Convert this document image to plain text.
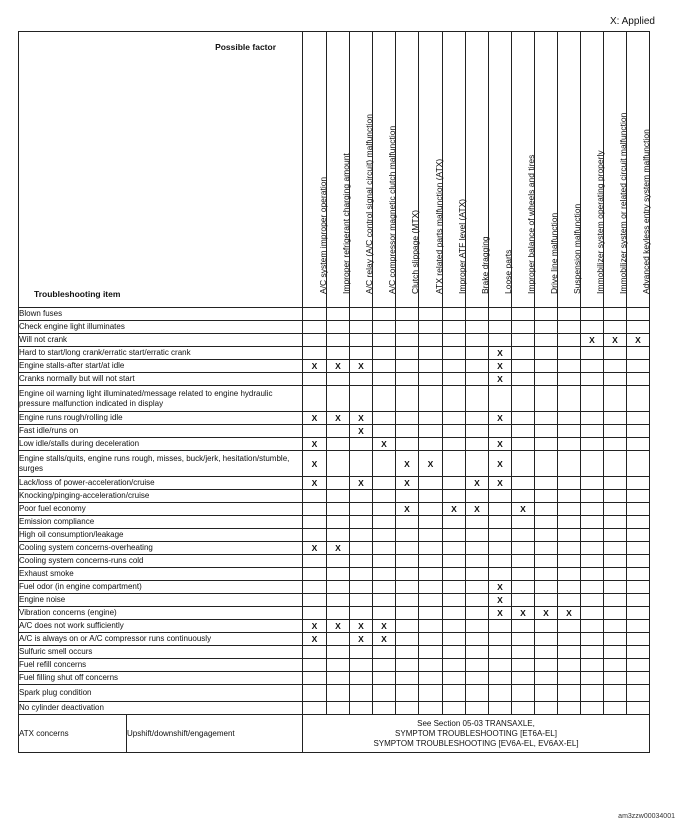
X: Applied
Possible factor
Troubleshooting item		A/C system improper operation	Improper refrigerant charging amount	A/C relay (A/C control signal circuit) malfunction	A/C compressor magnetic clutch malfunction	Clutch slippage (MTX)	ATX related parts malfunction (ATX)	Improper ATF level (ATX)	Brake dragging	Loose parts	Improper balance of wheels and tires	Drive line malfunction	Suspension malfunction	Immobilizer system operating properly	Immobilizer system or related circuit malfunction	Advanced keyless entry system malfunction

Blown fuses																
Check engine light illuminates																
Will not crank														X	X	X
Hard to start/long crank/erratic start/erratic crank										X						
Engine stalls-after start/at idle		X	X	X						X						
Cranks normally but will not start										X						
Engine oil warning light illuminated/message related to engine hydraulic pressure malfunction indicated in display																
Engine runs rough/rolling idle		X	X	X						X						
Fast idle/runs on				X												
Low idle/stalls during deceleration		X			X					X						
Engine stalls/quits, engine runs rough, misses, buck/jerk, hesitation/stumble, surges		X				X	X			X						
Lack/loss of power-acceleration/cruise		X		X		X			X	X						
Knocking/pinging-acceleration/cruise																
Poor fuel economy						X		X	X		X					
Emission compliance																
High oil consumption/leakage																
Cooling system concerns-overheating		X	X													
Cooling system concerns-runs cold																
Exhaust smoke																
Fuel odor (in engine compartment)										X						
Engine noise										X						
Vibration concerns (engine)										X	X	X	X			
A/C does not work sufficiently		X	X	X	X											
A/C is always on or A/C compressor runs continuously		X		X	X											
Sulfuric smell occurs																
Fuel refill concerns																
Fuel filling shut off concerns																
Spark plug condition																
No cylinder deactivation																
ATX concerns	Upshift/downshift/engagement	See Section 05-03 TRANSAXLE,
SYMPTOM TROUBLESHOOTING [ET6A-EL]
SYMPTOM TROUBLESHOOTING [EV6A-EL, EV6AX-EL]														
am3zzw00034001
